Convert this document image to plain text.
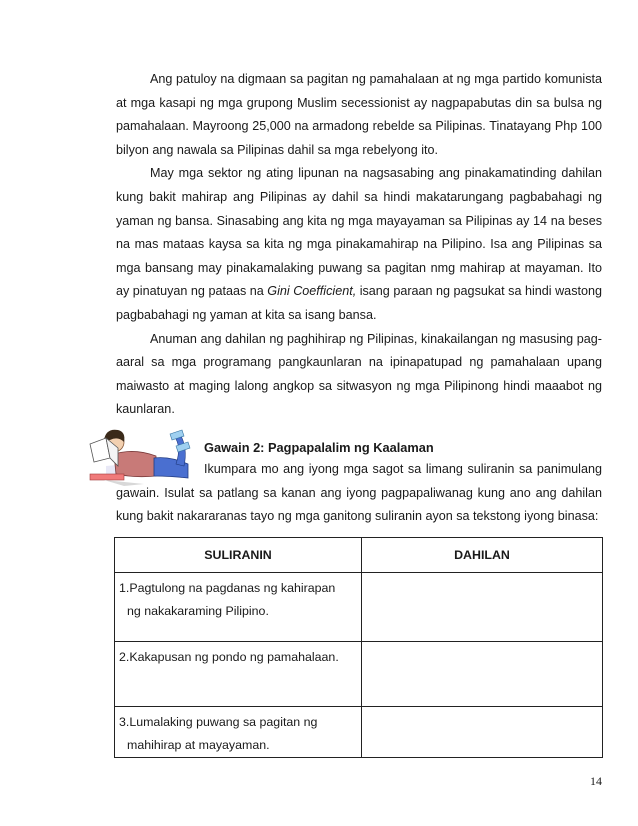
Ang patuloy na digmaan sa pagitan ng pamahalaan at ng mga partido komunista at mga kasapi ng mga grupong Muslim secessionist ay nagpapabutas din sa bulsa ng pamahalaan. Mayroong 25,000 na armadong rebelde sa Pilipinas. Tinatayang Php 100 bilyon ang nawala sa Pilipinas dahil sa mga rebelyong ito.

May mga sektor ng ating lipunan na nagsasabing ang pinakamatinding dahilan kung bakit mahirap ang Pilipinas ay dahil sa hindi makatarungang pagbabahagi ng yaman ng bansa. Sinasabing ang kita ng mga mayayaman sa Pilipinas ay 14 na beses na mas mataas kaysa sa kita ng mga pinakamahirap na Pilipino. Isa ang Pilipinas sa mga bansang may pinakamalaking puwang sa pagitan nmg mahirap at mayaman. Ito ay pinatuyan ng pataas na Gini Coefficient, isang paraan ng pagsukat sa hindi wastong pagbabahagi ng yaman at kita sa isang bansa.

Anuman ang dahilan ng paghihirap ng Pilipinas, kinakailangan ng masusing pag-aaral sa mga programang pangkaunlaran na ipinapatupad ng pamahalaan upang maiwasto at maging lalong angkop sa sitwasyon ng mga Pilipinong hindi maaabot ng kaunlaran.

Gawain 2: Pagpapalalim ng Kaalaman

Ikumpara mo ang iyong mga sagot sa limang suliranin sa panimulang gawain. Isulat sa patlang sa kanan ang iyong pagpapaliwanag kung ano ang dahilan kung bakit nakararanas tayo ng mga ganitong suliranin ayon sa tekstong iyong binasa:

SULIRANIN	DAHILAN
1.Pagtulong na pagdanas ng kahirapan
ng nakakaraming Pilipino.	

2.Kakapusan ng pondo ng pamahalaan.	
3.Lumalaking puwang sa pagitan ng
mahihirap at mayayaman.	

14
